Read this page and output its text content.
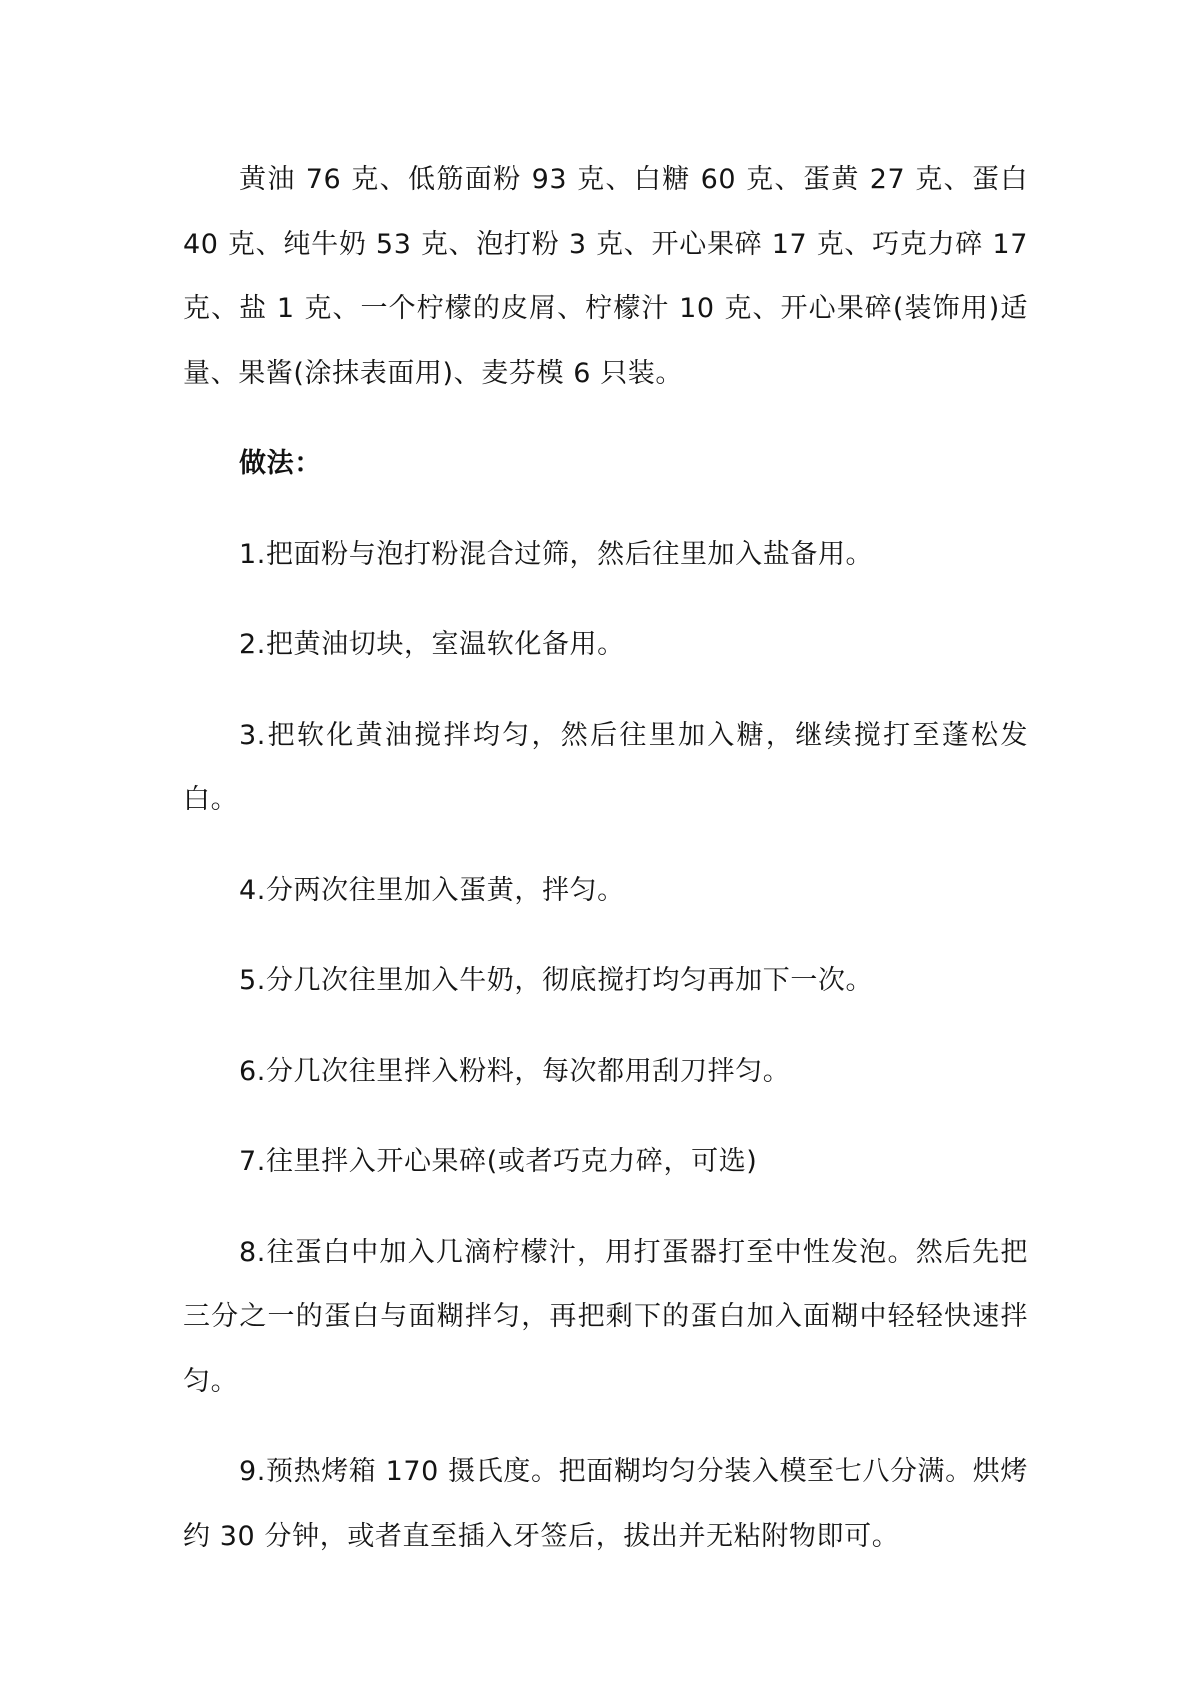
黄油 76 克、低筋面粉 93 克、白糖 60 克、蛋黄 27 克、蛋白 40 克、纯牛奶 53 克、泡打粉 3 克、开心果碎 17 克、巧克力碎 17 克、盐 1 克、一个柠檬的皮屑、柠檬汁 10 克、开心果碎(装饰用)适量、果酱(涂抹表面用)、麦芬模 6 只装。

做法：

1.把面粉与泡打粉混合过筛，然后往里加入盐备用。

2.把黄油切块，室温软化备用。

3.把软化黄油搅拌均匀，然后往里加入糖，继续搅打至蓬松发白。

4.分两次往里加入蛋黄，拌匀。

5.分几次往里加入牛奶，彻底搅打均匀再加下一次。

6.分几次往里拌入粉料，每次都用刮刀拌匀。

7.往里拌入开心果碎(或者巧克力碎，可选)

8.往蛋白中加入几滴柠檬汁，用打蛋器打至中性发泡。然后先把三分之一的蛋白与面糊拌匀，再把剩下的蛋白加入面糊中轻轻快速拌匀。

9.预热烤箱 170 摄氏度。把面糊均匀分装入模至七八分满。烘烤约 30 分钟，或者直至插入牙签后，拔出并无粘附物即可。
